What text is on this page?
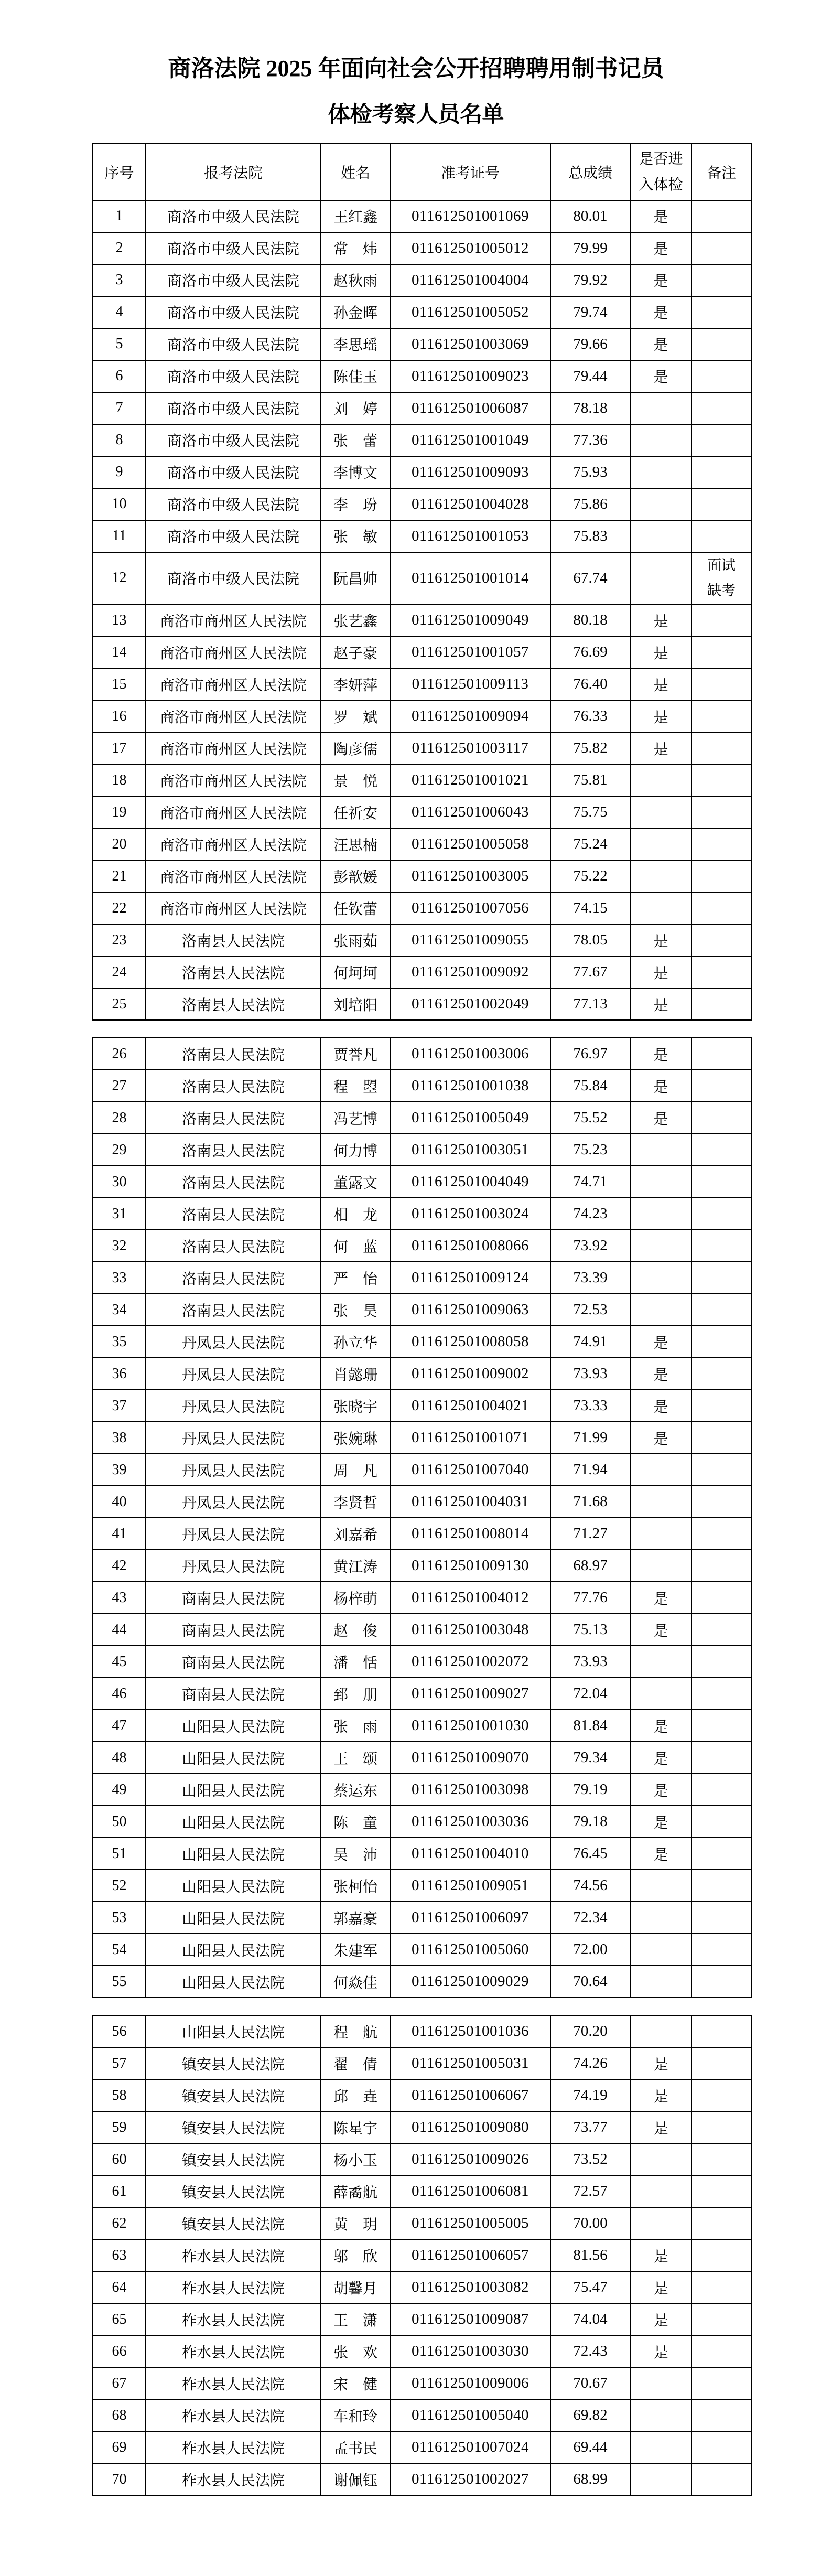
商洛法院 2025 年面向社会公开招聘聘用制书记员
体检考察人员名单
序号	报考法院	姓名	准考证号	总成绩	是否进入体检	备注

1	商洛市中级人民法院	王红鑫	011612501001069	80.01	是	
2	商洛市中级人民法院	常　炜	011612501005012	79.99	是	
3	商洛市中级人民法院	赵秋雨	011612501004004	79.92	是	
4	商洛市中级人民法院	孙金晖	011612501005052	79.74	是	
5	商洛市中级人民法院	李思瑶	011612501003069	79.66	是	
6	商洛市中级人民法院	陈佳玉	011612501009023	79.44	是	
7	商洛市中级人民法院	刘　婷	011612501006087	78.18		
8	商洛市中级人民法院	张　蕾	011612501001049	77.36		
9	商洛市中级人民法院	李博文	011612501009093	75.93		
10	商洛市中级人民法院	李　玢	011612501004028	75.86		
11	商洛市中级人民法院	张　敏	011612501001053	75.83		
12	商洛市中级人民法院	阮昌帅	011612501001014	67.74		面试缺考

13	商洛市商州区人民法院	张艺鑫	011612501009049	80.18	是	
14	商洛市商州区人民法院	赵子豪	011612501001057	76.69	是	
15	商洛市商州区人民法院	李妍萍	011612501009113	76.40	是	
16	商洛市商州区人民法院	罗　斌	011612501009094	76.33	是	
17	商洛市商州区人民法院	陶彦儒	011612501003117	75.82	是	
18	商洛市商州区人民法院	景　悦	011612501001021	75.81		
19	商洛市商州区人民法院	任祈安	011612501006043	75.75		
20	商洛市商州区人民法院	汪思楠	011612501005058	75.24		
21	商洛市商州区人民法院	彭歆媛	011612501003005	75.22		
22	商洛市商州区人民法院	任钦蕾	011612501007056	74.15		
23	洛南县人民法院	张雨茹	011612501009055	78.05	是	
24	洛南县人民法院	何坷坷	011612501009092	77.67	是	
25	洛南县人民法院	刘培阳	011612501002049	77.13	是	
26	洛南县人民法院	贾誉凡	011612501003006	76.97	是	
27	洛南县人民法院	程　曌	011612501001038	75.84	是	
28	洛南县人民法院	冯艺博	011612501005049	75.52	是	
29	洛南县人民法院	何力博	011612501003051	75.23		
30	洛南县人民法院	董露文	011612501004049	74.71		
31	洛南县人民法院	相　龙	011612501003024	74.23		
32	洛南县人民法院	何　蓝	011612501008066	73.92		
33	洛南县人民法院	严　怡	011612501009124	73.39		
34	洛南县人民法院	张　昊	011612501009063	72.53		
35	丹凤县人民法院	孙立华	011612501008058	74.91	是	
36	丹凤县人民法院	肖懿珊	011612501009002	73.93	是	
37	丹凤县人民法院	张晓宇	011612501004021	73.33	是	
38	丹凤县人民法院	张婉琳	011612501001071	71.99	是	
39	丹凤县人民法院	周　凡	011612501007040	71.94		
40	丹凤县人民法院	李贤哲	011612501004031	71.68		
41	丹凤县人民法院	刘嘉希	011612501008014	71.27		
42	丹凤县人民法院	黄江涛	011612501009130	68.97		
43	商南县人民法院	杨梓萌	011612501004012	77.76	是	
44	商南县人民法院	赵　俊	011612501003048	75.13	是	
45	商南县人民法院	潘　恬	011612501002072	73.93		
46	商南县人民法院	郅　朋	011612501009027	72.04		
47	山阳县人民法院	张　雨	011612501001030	81.84	是	
48	山阳县人民法院	王　颂	011612501009070	79.34	是	
49	山阳县人民法院	蔡运东	011612501003098	79.19	是	
50	山阳县人民法院	陈　童	011612501003036	79.18	是	
51	山阳县人民法院	吴　沛	011612501004010	76.45	是	
52	山阳县人民法院	张柯怡	011612501009051	74.56		
53	山阳县人民法院	郭嘉豪	011612501006097	72.34		
54	山阳县人民法院	朱建军	011612501005060	72.00		
55	山阳县人民法院	何焱佳	011612501009029	70.64		
56	山阳县人民法院	程　航	011612501001036	70.20		
57	镇安县人民法院	翟　倩	011612501005031	74.26	是	
58	镇安县人民法院	邱　垚	011612501006067	74.19	是	
59	镇安县人民法院	陈星宇	011612501009080	73.77	是	
60	镇安县人民法院	杨小玉	011612501009026	73.52		
61	镇安县人民法院	薛矞航	011612501006081	72.57		
62	镇安县人民法院	黄　玥	011612501005005	70.00		
63	柞水县人民法院	邬　欣	011612501006057	81.56	是	
64	柞水县人民法院	胡馨月	011612501003082	75.47	是	
65	柞水县人民法院	王　潇	011612501009087	74.04	是	
66	柞水县人民法院	张　欢	011612501003030	72.43	是	
67	柞水县人民法院	宋　健	011612501009006	70.67		
68	柞水县人民法院	车和玲	011612501005040	69.82		
69	柞水县人民法院	孟书民	011612501007024	69.44		
70	柞水县人民法院	谢佩钰	011612501002027	68.99		
